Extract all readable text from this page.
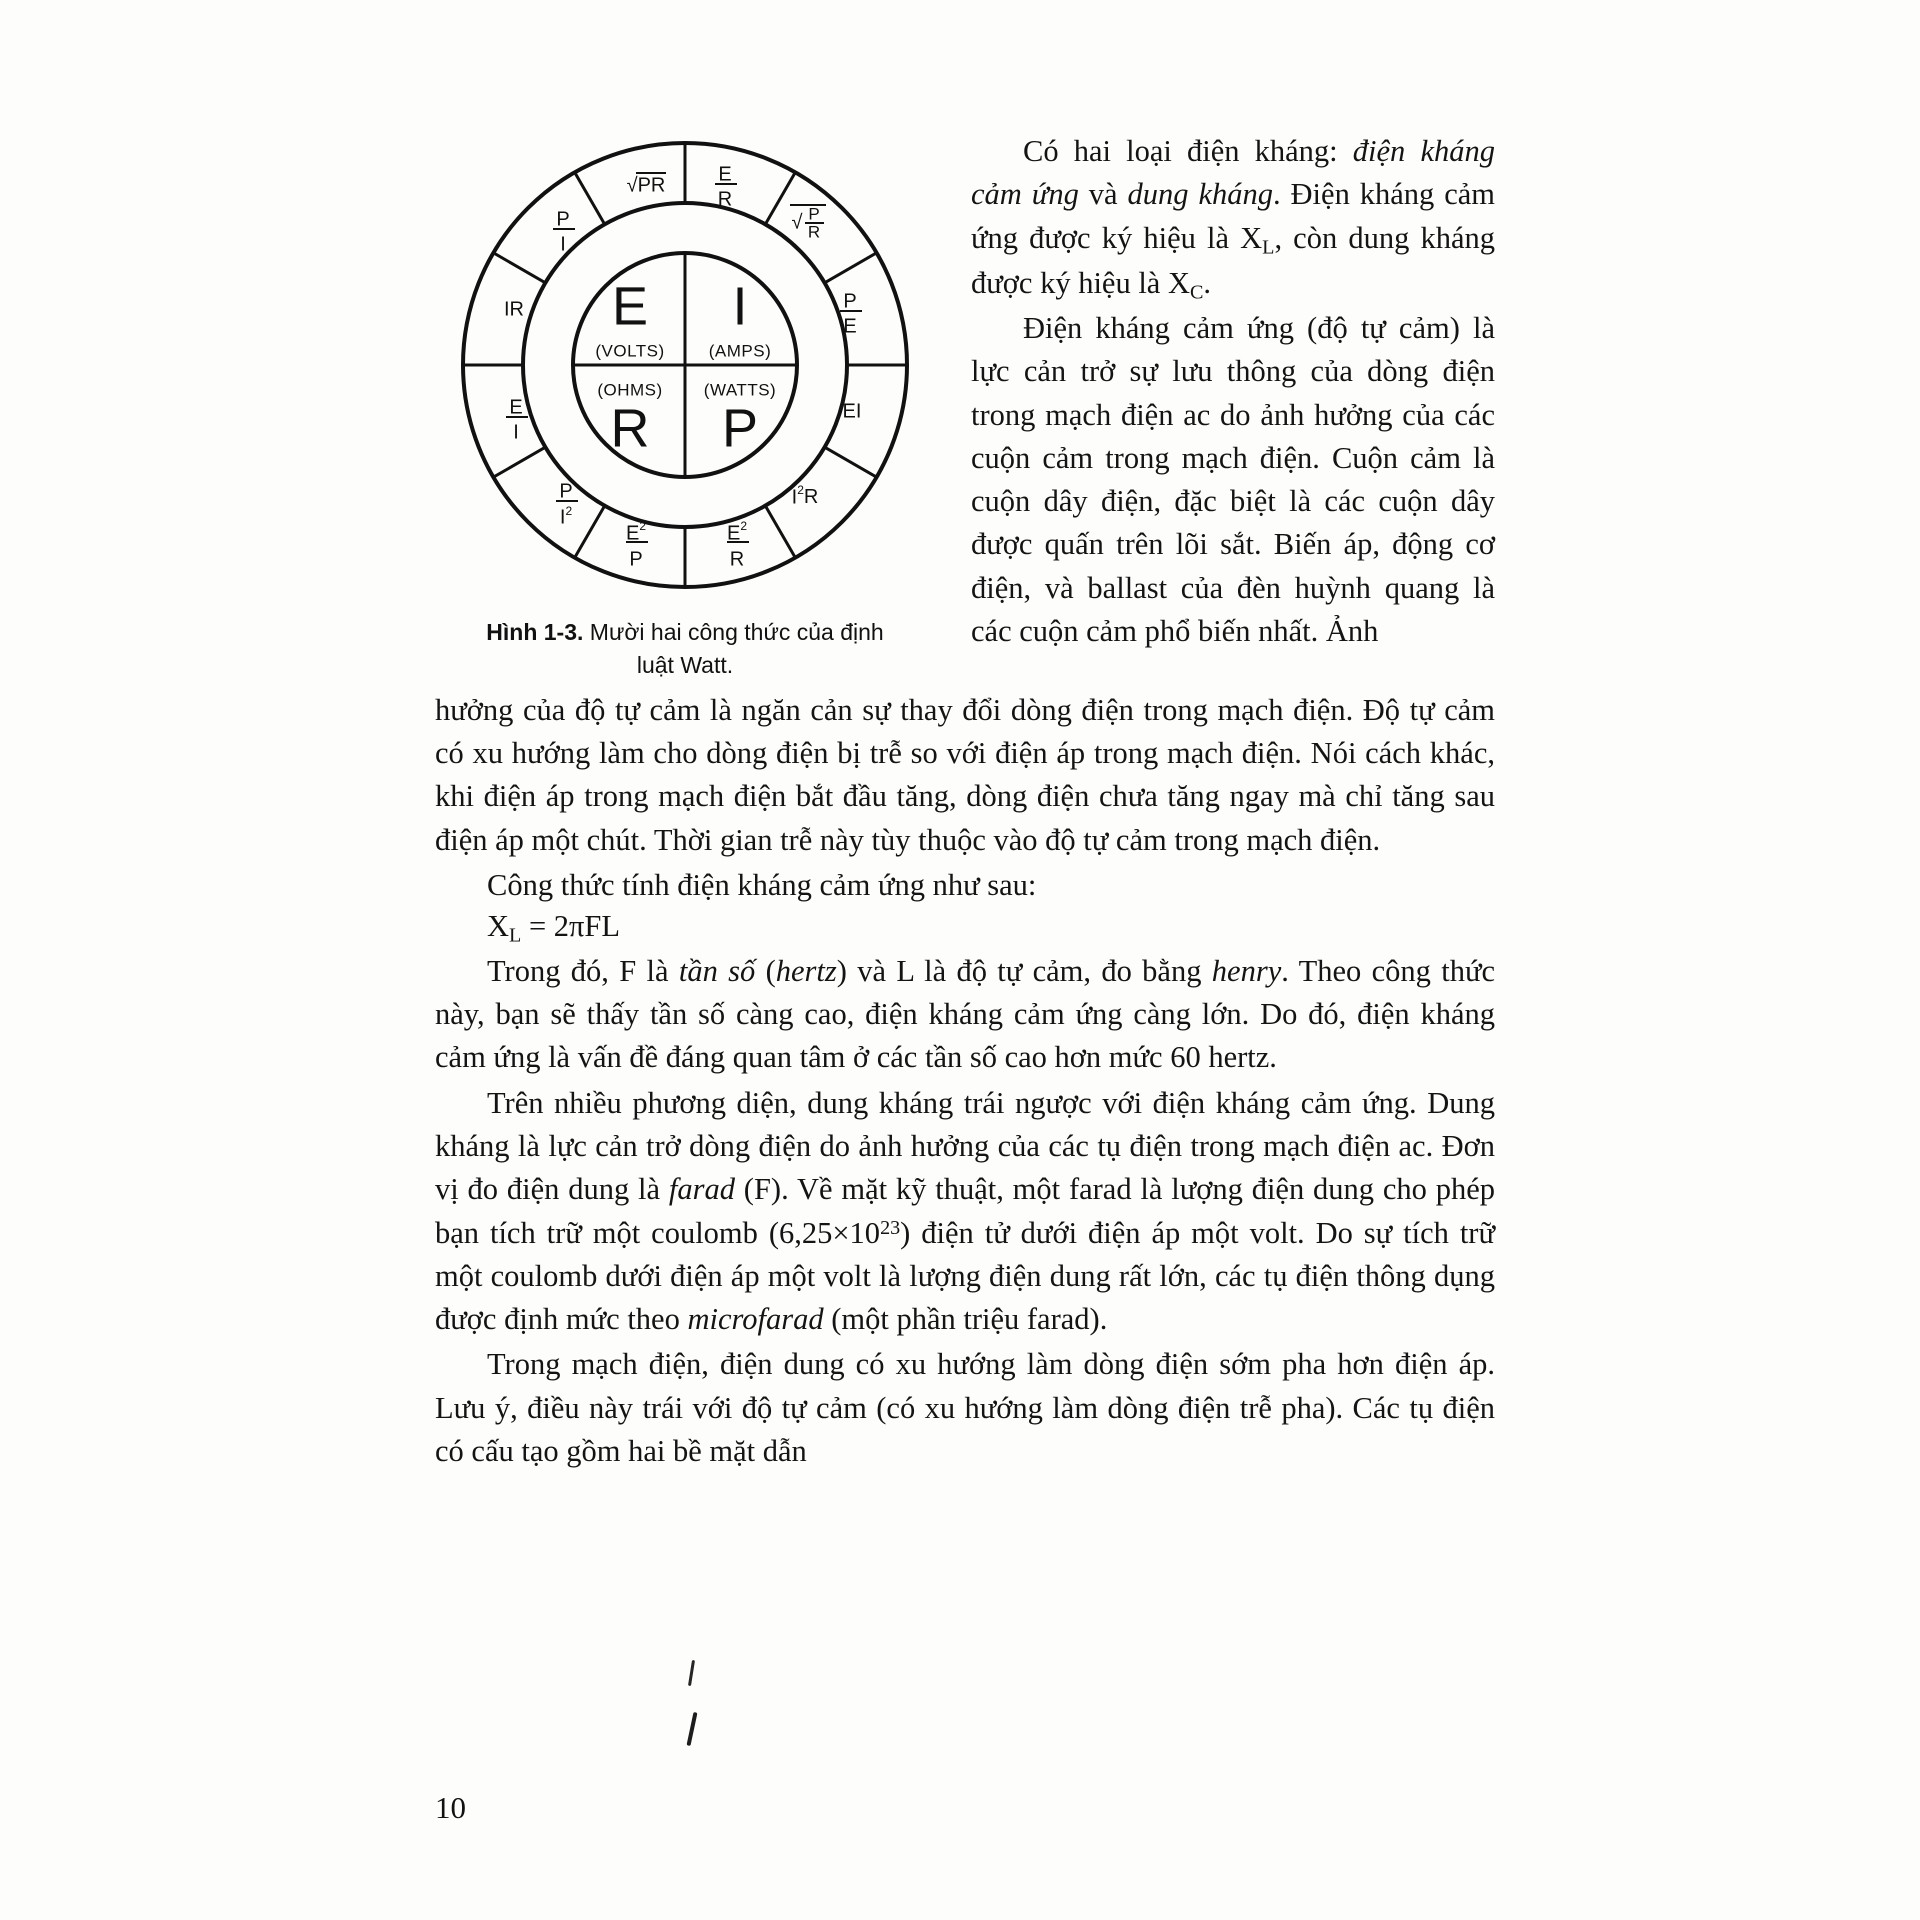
E
(VOLTS)
I
(AMPS)
(OHMS)
R
(WATTS)
P
√PR	E
R
√ P
R
P
E
EI
$I^2R$
$E^2$
R
$E^2$
P
P
$I^2$
E
I
IR
P
I
Hình 1-3. Mười hai công thức của định luật Watt.

Có hai loại điện kháng: điện kháng cảm ứng và dung kháng. Điện kháng cảm ứng được ký hiệu là $X_L$, còn dung kháng được ký hiệu là $X_C$.

Điện kháng cảm ứng (độ tự cảm) là lực cản trở sự lưu thông của dòng điện trong mạch điện ac do ảnh hưởng của các cuộn cảm trong mạch điện. Cuộn cảm là cuộn dây điện, đặc biệt là các cuộn dây được quấn trên lõi sắt. Biến áp, động cơ điện, và ballast của đèn huỳnh quang là các cuộn cảm phổ biến nhất. Ảnh

hưởng của độ tự cảm là ngăn cản sự thay đổi dòng điện trong mạch điện. Độ tự cảm có xu hướng làm cho dòng điện bị trễ so với điện áp trong mạch điện. Nói cách khác, khi điện áp trong mạch điện bắt đầu tăng, dòng điện chưa tăng ngay mà chỉ tăng sau điện áp một chút. Thời gian trễ này tùy thuộc vào độ tự cảm trong mạch điện.

Công thức tính điện kháng cảm ứng như sau:

$X_L = 2\pi FL$

Trong đó, F là tần số (hertz) và L là độ tự cảm, đo bằng henry. Theo công thức này, bạn sẽ thấy tần số càng cao, điện kháng cảm ứng càng lớn. Do đó, điện kháng cảm ứng là vấn đề đáng quan tâm ở các tần số cao hơn mức 60 hertz.

Trên nhiều phương diện, dung kháng trái ngược với điện kháng cảm ứng. Dung kháng là lực cản trở dòng điện do ảnh hưởng của các tụ điện trong mạch điện ac. Đơn vị đo điện dung là farad (F). Về mặt kỹ thuật, một farad là lượng điện dung cho phép bạn tích trữ một coulomb $(6,25\times 10^{23})$ điện tử dưới điện áp một volt. Do sự tích trữ một coulomb dưới điện áp một volt là lượng điện dung rất lớn, các tụ điện thông dụng được định mức theo microfarad (một phần triệu farad).

Trong mạch điện, điện dung có xu hướng làm dòng điện sớm pha hơn điện áp. Lưu ý, điều này trái với độ tự cảm (có xu hướng làm dòng điện trễ pha). Các tụ điện có cấu tạo gồm hai bề mặt dẫn

10
